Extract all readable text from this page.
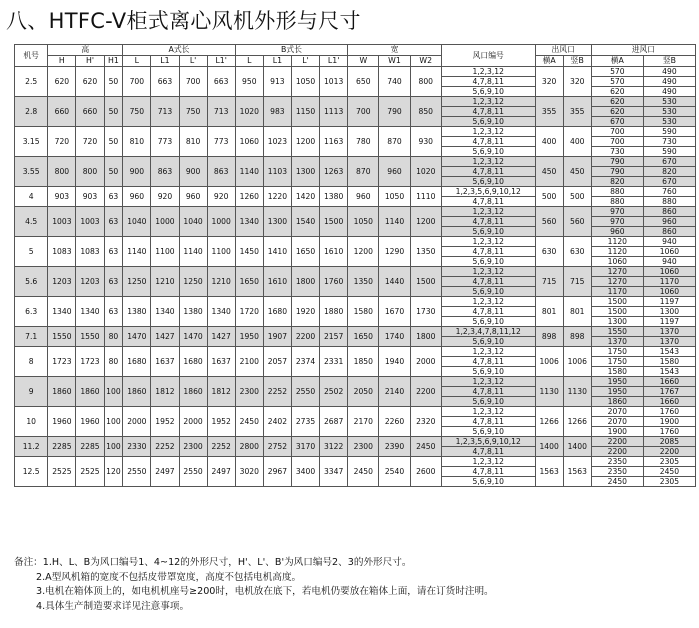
八、HTFC-V柜式离心风机外形与尺寸
机号	高			A式长				B式长				宽			风口编号	出风口		进风口	
	H	H'	H1	L	L1	L'	L1'	L	L1	L'	L1'	W	W1	W2		横A	竖B	横A	竖B
2.5	620	620	50	700	663	700	663	950	913	1050	1013	650	740	800	1,2,3,12	320	320	570	490
															4,7,8,11			570	490
															5,6,9,10			620	490
2.8	660	660	50	750	713	750	713	1020	983	1150	1113	700	790	850	1,2,3,12	355	355	620	530
															4,7,8,11			620	530
															5,6,9,10			670	530
3.15	720	720	50	810	773	810	773	1060	1023	1200	1163	780	870	930	1,2,3,12	400	400	700	590
															4,7,8,11			700	730
															5,6,9,10			730	590
3.55	800	800	50	900	863	900	863	1140	1103	1300	1263	870	960	1020	1,2,3,12	450	450	790	670
															4,7,8,11			790	820
															5,6,9,10			820	670
4	903	903	63	960	920	960	920	1260	1220	1420	1380	960	1050	1110	1,2,3,5,6,9,10,12	500	500	880	760
															4,7,8,11			880	880
4.5	1003	1003	63	1040	1000	1040	1000	1340	1300	1540	1500	1050	1140	1200	1,2,3,12	560	560	970	860
															4,7,8,11			970	960
															5,6,9,10			960	860
5	1083	1083	63	1140	1100	1140	1100	1450	1410	1650	1610	1200	1290	1350	1,2,3,12	630	630	1120	940
															4,7,8,11			1120	1060
															5,6,9,10			1060	940
5.6	1203	1203	63	1250	1210	1250	1210	1650	1610	1800	1760	1350	1440	1500	1,2,3,12	715	715	1270	1060
															4,7,8,11			1270	1170
															5,6,9,10			1170	1060
6.3	1340	1340	63	1380	1340	1380	1340	1720	1680	1920	1880	1580	1670	1730	1,2,3,12	801	801	1500	1197
															4,7,8,11			1500	1300
															5,6,9,10			1300	1197
7.1	1550	1550	80	1470	1427	1470	1427	1950	1907	2200	2157	1650	1740	1800	1,2,3,4,7,8,11,12	898	898	1550	1370
															5,6,9,10			1370	1370
8	1723	1723	80	1680	1637	1680	1637	2100	2057	2374	2331	1850	1940	2000	1,2,3,12	1006	1006	1750	1543
															4,7,8,11			1750	1580
															5,6,9,10			1580	1543
9	1860	1860	100	1860	1812	1860	1812	2300	2252	2550	2502	2050	2140	2200	1,2,3,12	1130	1130	1950	1660
															4,7,8,11			1950	1767
															5,6,9,10			1860	1660
10	1960	1960	100	2000	1952	2000	1952	2450	2402	2735	2687	2170	2260	2320	1,2,3,12	1266	1266	2070	1760
															4,7,8,11			2070	1900
															5,6,9,10			1900	1760
11.2	2285	2285	100	2330	2252	2300	2252	2800	2752	3170	3122	2300	2390	2450	1,2,3,5,6,9,10,12	1400	1400	2200	2085
															4,7,8,11			2200	2200
12.5	2525	2525	120	2550	2497	2550	2497	3020	2967	3400	3347	2450	2540	2600	1,2,3,12	1563	1563	2350	2305
															4,7,8,11			2350	2450
															5,6,9,10			2450	2305
备注：1.H、L、B为风口编号1、4~12的外形尺寸，H'、L'、B'为风口编号2、3的外形尺寸。
2.A型风机箱的宽度不包括皮带罩宽度，高度不包括电机高度。
3.电机在箱体顶上的，如电机机座号≥200时，电机放在底下，若电机仍要放在箱体上面，请在订货时注明。
4.具体生产制造要求详见注意事项。
